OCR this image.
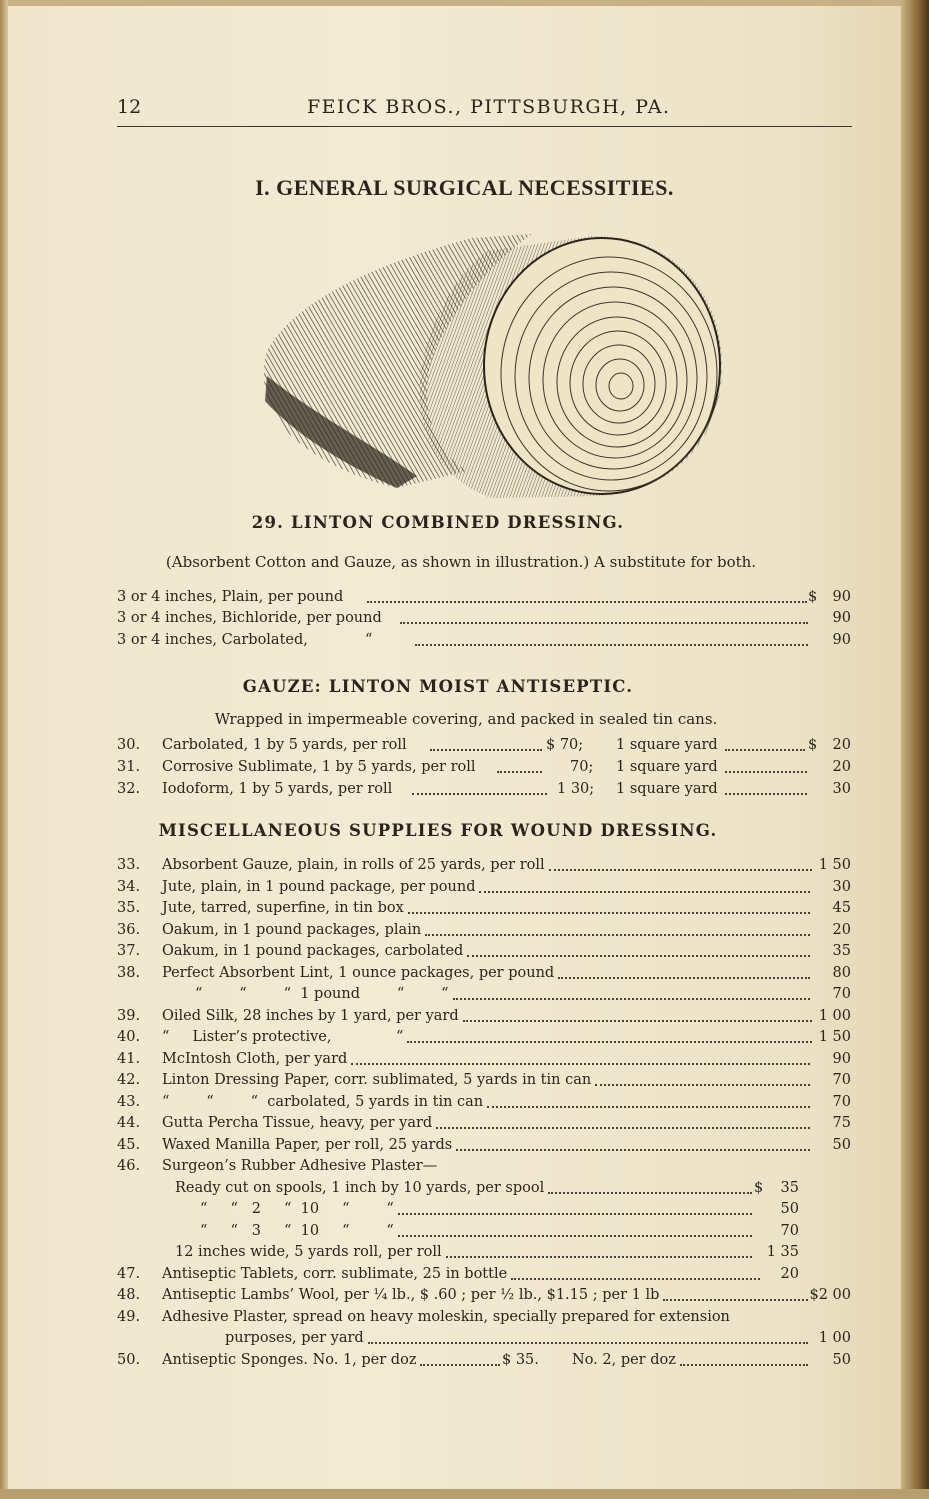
12	FEICK BROS., PITTSBURGH, PA.
I. GENERAL SURGICAL NECESSITIES.
29. LINTON COMBINED DRESSING.
(Absorbent Cotton and Gauze, as shown in illustration.) A substitute for both.
3 or 4 inches, Plain, per pound	$ 90
3 or 4 inches, Bichloride, per pound	90
3 or 4 inches, Carbolated,	“	90
GAUZE: LINTON MOIST ANTISEPTIC.
Wrapped in impermeable covering, and packed in sealed tin cans.
30. Carbolated, 1 by 5 yards, per roll	$ 70; 1 square yard	$ 20
31. Corrosive Sublimate, 1 by 5 yards, per roll	70; 1 square yard	20
32. Iodoform, 1 by 5 yards, per roll	1 30; 1 square yard	30
MISCELLANEOUS SUPPLIES FOR WOUND DRESSING.
33. Absorbent Gauze, plain, in rolls of 25 yards, per roll	1 50
34. Jute, plain, in 1 pound package, per pound	30
35. Jute, tarred, superfine, in tin box	45
36. Oakum, in 1 pound packages, plain	20
37. Oakum, in 1 pound packages, carbolated	35
38. Perfect Absorbent Lint, 1 ounce packages, per pound	80
“        “        “  1 pound        “        “	70
39. Oiled Silk, 28 inches by 1 yard, per yard	1 00
40. “     Lister’s protective,              “	1 50
41. McIntosh Cloth, per yard	90
42. Linton Dressing Paper, corr. sublimated, 5 yards in tin can	70
43. “        “        “  carbolated, 5 yards in tin can	70
44. Gutta Percha Tissue, heavy, per yard	75
45. Waxed Manilla Paper, per roll, 25 yards	50
46. Surgeon’s Rubber Adhesive Plaster—
Ready cut on spools, 1 inch by 10 yards, per spool	$ 35
“     “   2     “  10     “        “	50
“     “   3     “  10     “        “	70
12 inches wide, 5 yards roll, per roll	1 35
47. Antiseptic Tablets, corr. sublimate, 25 in bottle	20
48. Antiseptic Lambs’ Wool, per ¼ lb., $ .60 ; per ½ lb., $1.15 ; per 1 lb	$2 00
49. Adhesive Plaster, spread on heavy moleskin, specially prepared for extension
purposes, per yard	1 00
50. Antiseptic Sponges. No. 1, per doz	$ 35. No. 2, per doz	50
